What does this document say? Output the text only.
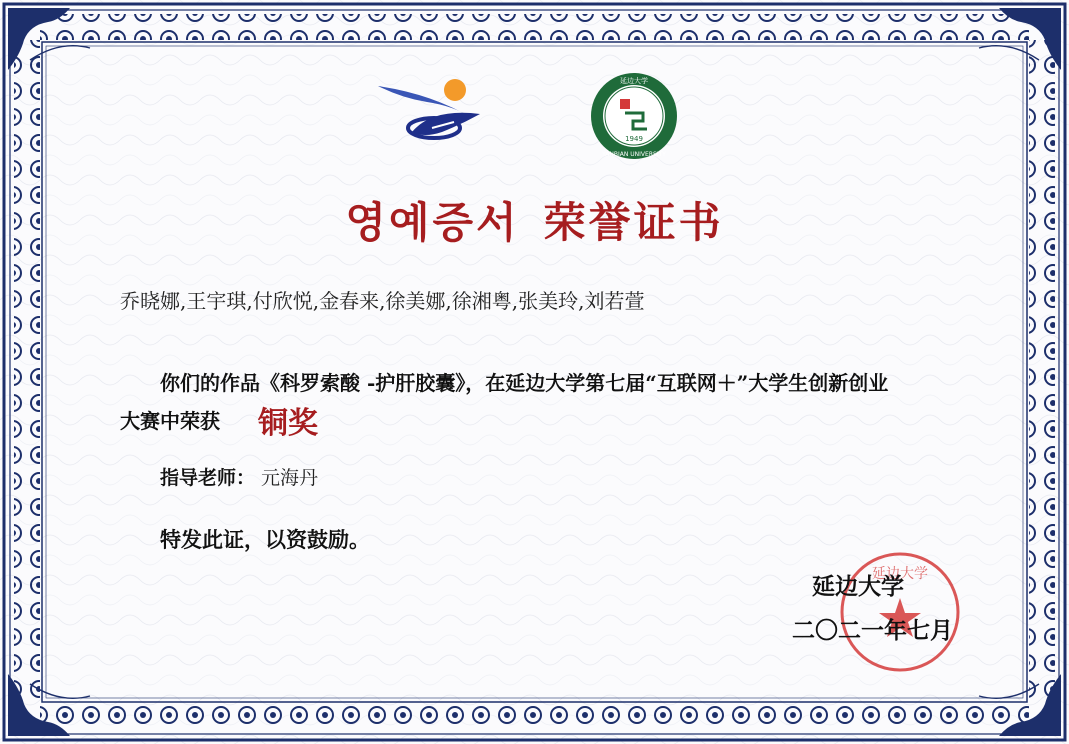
1949
延边大学
YANBIAN UNIVERSITY
延边大学
영예증서 荣誉证书
乔晓娜,王宇琪,付欣悦,金春来,徐美娜,徐湘粤,张美玲,刘若萱
你们的作品《科罗索酸 -护肝胶囊》，在延边大学第七届“互联网＋”大学生创新创业
大赛中荣获 铜奖
指导老师： 元海丹
特发此证，以资鼓励。
延边大学
二〇二一年七月
